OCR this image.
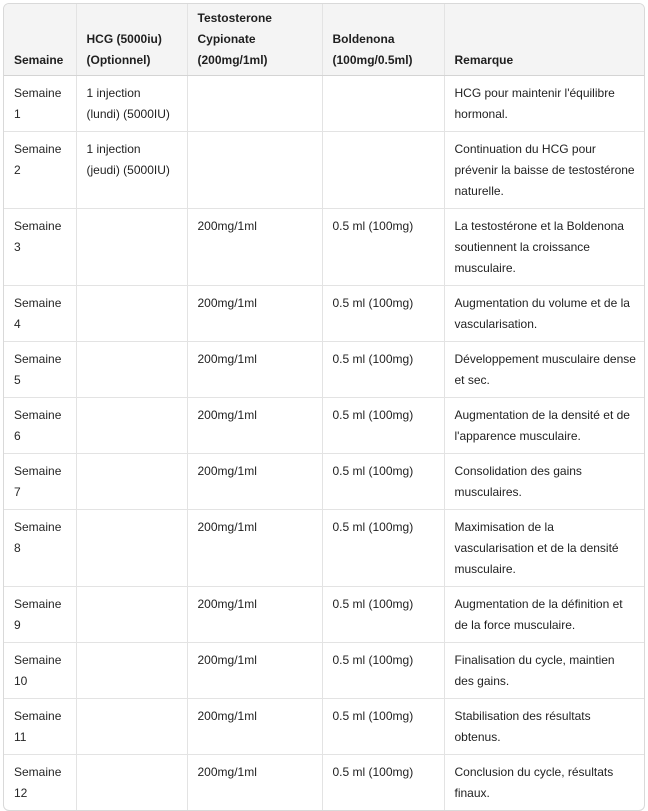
Semaine	HCG (5000iu) (Optionnel)	Testosterone Cypionate (200mg/1ml)	Boldenona (100mg/0.5ml)	Remarque
Semaine 1	1 injection (lundi) (5000IU)			HCG pour maintenir l'équilibre hormonal.
Semaine 2	1 injection (jeudi) (5000IU)			Continuation du HCG pour prévenir la baisse de testostérone naturelle.
Semaine 3		200mg/1ml	0.5 ml (100mg)	La testostérone et la Boldenona soutiennent la croissance musculaire.
Semaine 4		200mg/1ml	0.5 ml (100mg)	Augmentation du volume et de la vascularisation.
Semaine 5		200mg/1ml	0.5 ml (100mg)	Développement musculaire dense et sec.
Semaine 6		200mg/1ml	0.5 ml (100mg)	Augmentation de la densité et de l'apparence musculaire.
Semaine 7		200mg/1ml	0.5 ml (100mg)	Consolidation des gains musculaires.
Semaine 8		200mg/1ml	0.5 ml (100mg)	Maximisation de la vascularisation et de la densité musculaire.
Semaine 9		200mg/1ml	0.5 ml (100mg)	Augmentation de la définition et de la force musculaire.
Semaine 10		200mg/1ml	0.5 ml (100mg)	Finalisation du cycle, maintien des gains.
Semaine 11		200mg/1ml	0.5 ml (100mg)	Stabilisation des résultats obtenus.
Semaine 12		200mg/1ml	0.5 ml (100mg)	Conclusion du cycle, résultats finaux.
